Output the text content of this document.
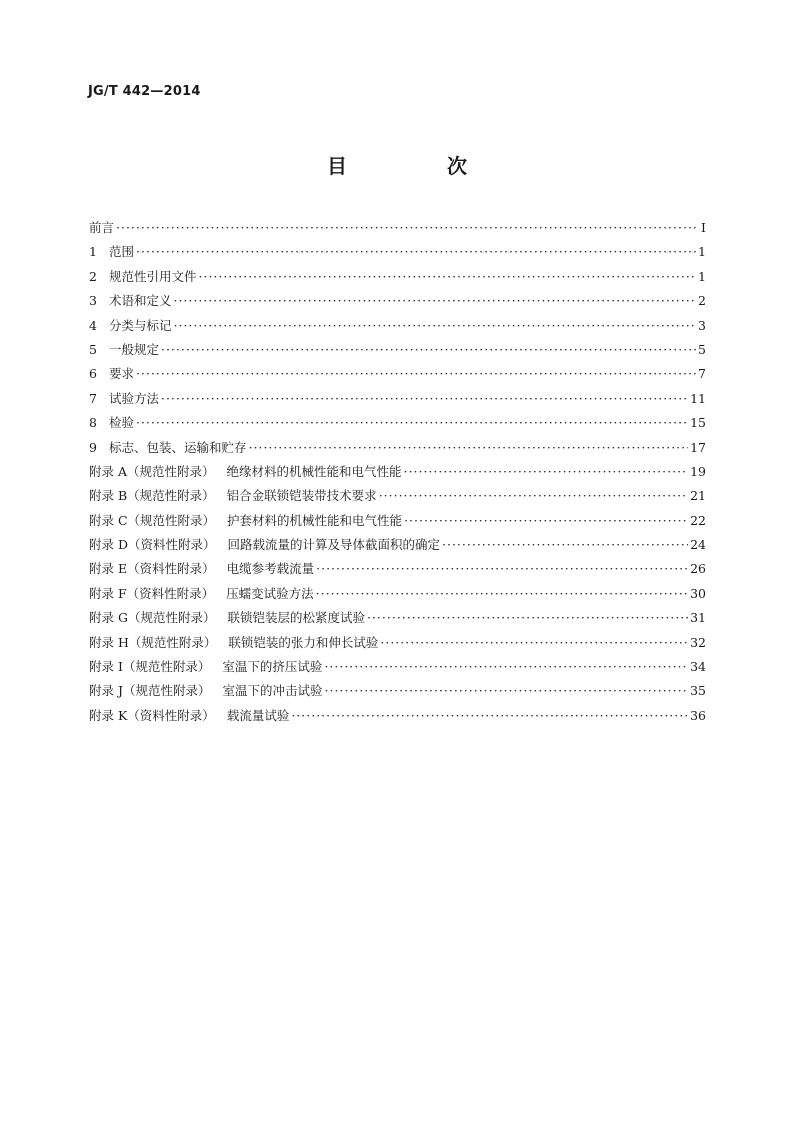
JG/T 442—2014

目　次
前言 ·····	Ⅰ
1 范围 ·····	1
2 规范性引用文件 ·····	1
3 术语和定义 ·····	2
4 分类与标记 ·····	3
5 一般规定 ·····	5
6 要求 ·····	7
7 试验方法 ·····	11
8 检验 ·····	15
9 标志、包装、运输和贮存 ·····	17
附录 A（规范性附录） 绝缘材料的机械性能和电气性能 ·····	19
附录 B（规范性附录） 铝合金联锁铠装带技术要求 ·····	21
附录 C（规范性附录） 护套材料的机械性能和电气性能 ·····	22
附录 D（资料性附录） 回路载流量的计算及导体截面积的确定 ·····	24
附录 E（资料性附录） 电缆参考载流量 ·····	26
附录 F（资料性附录） 压蠕变试验方法 ·····	30
附录 G（规范性附录） 联锁铠装层的松紧度试验 ·····	31
附录 H（规范性附录） 联锁铠装的张力和伸长试验 ·····	32
附录 I（规范性附录） 室温下的挤压试验 ·····	34
附录 J（规范性附录） 室温下的冲击试验 ·····	35
附录 K（资料性附录） 载流量试验 ·····	36
